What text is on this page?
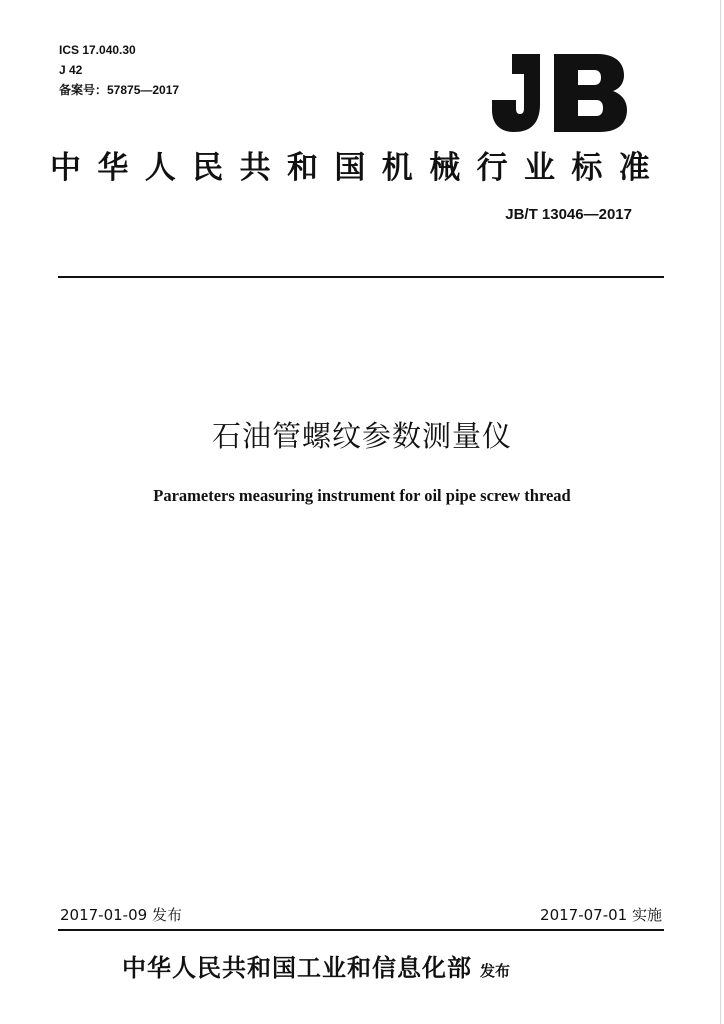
ICS 17.040.30
J 42
备案号：57875—2017
中华人民共和国机械行业标准
JB/T 13046—2017
石油管螺纹参数测量仪
Parameters measuring instrument for oil pipe screw thread
2017-01-09 发布	2017-07-01 实施
中华人民共和国工业和信息化部 发布
